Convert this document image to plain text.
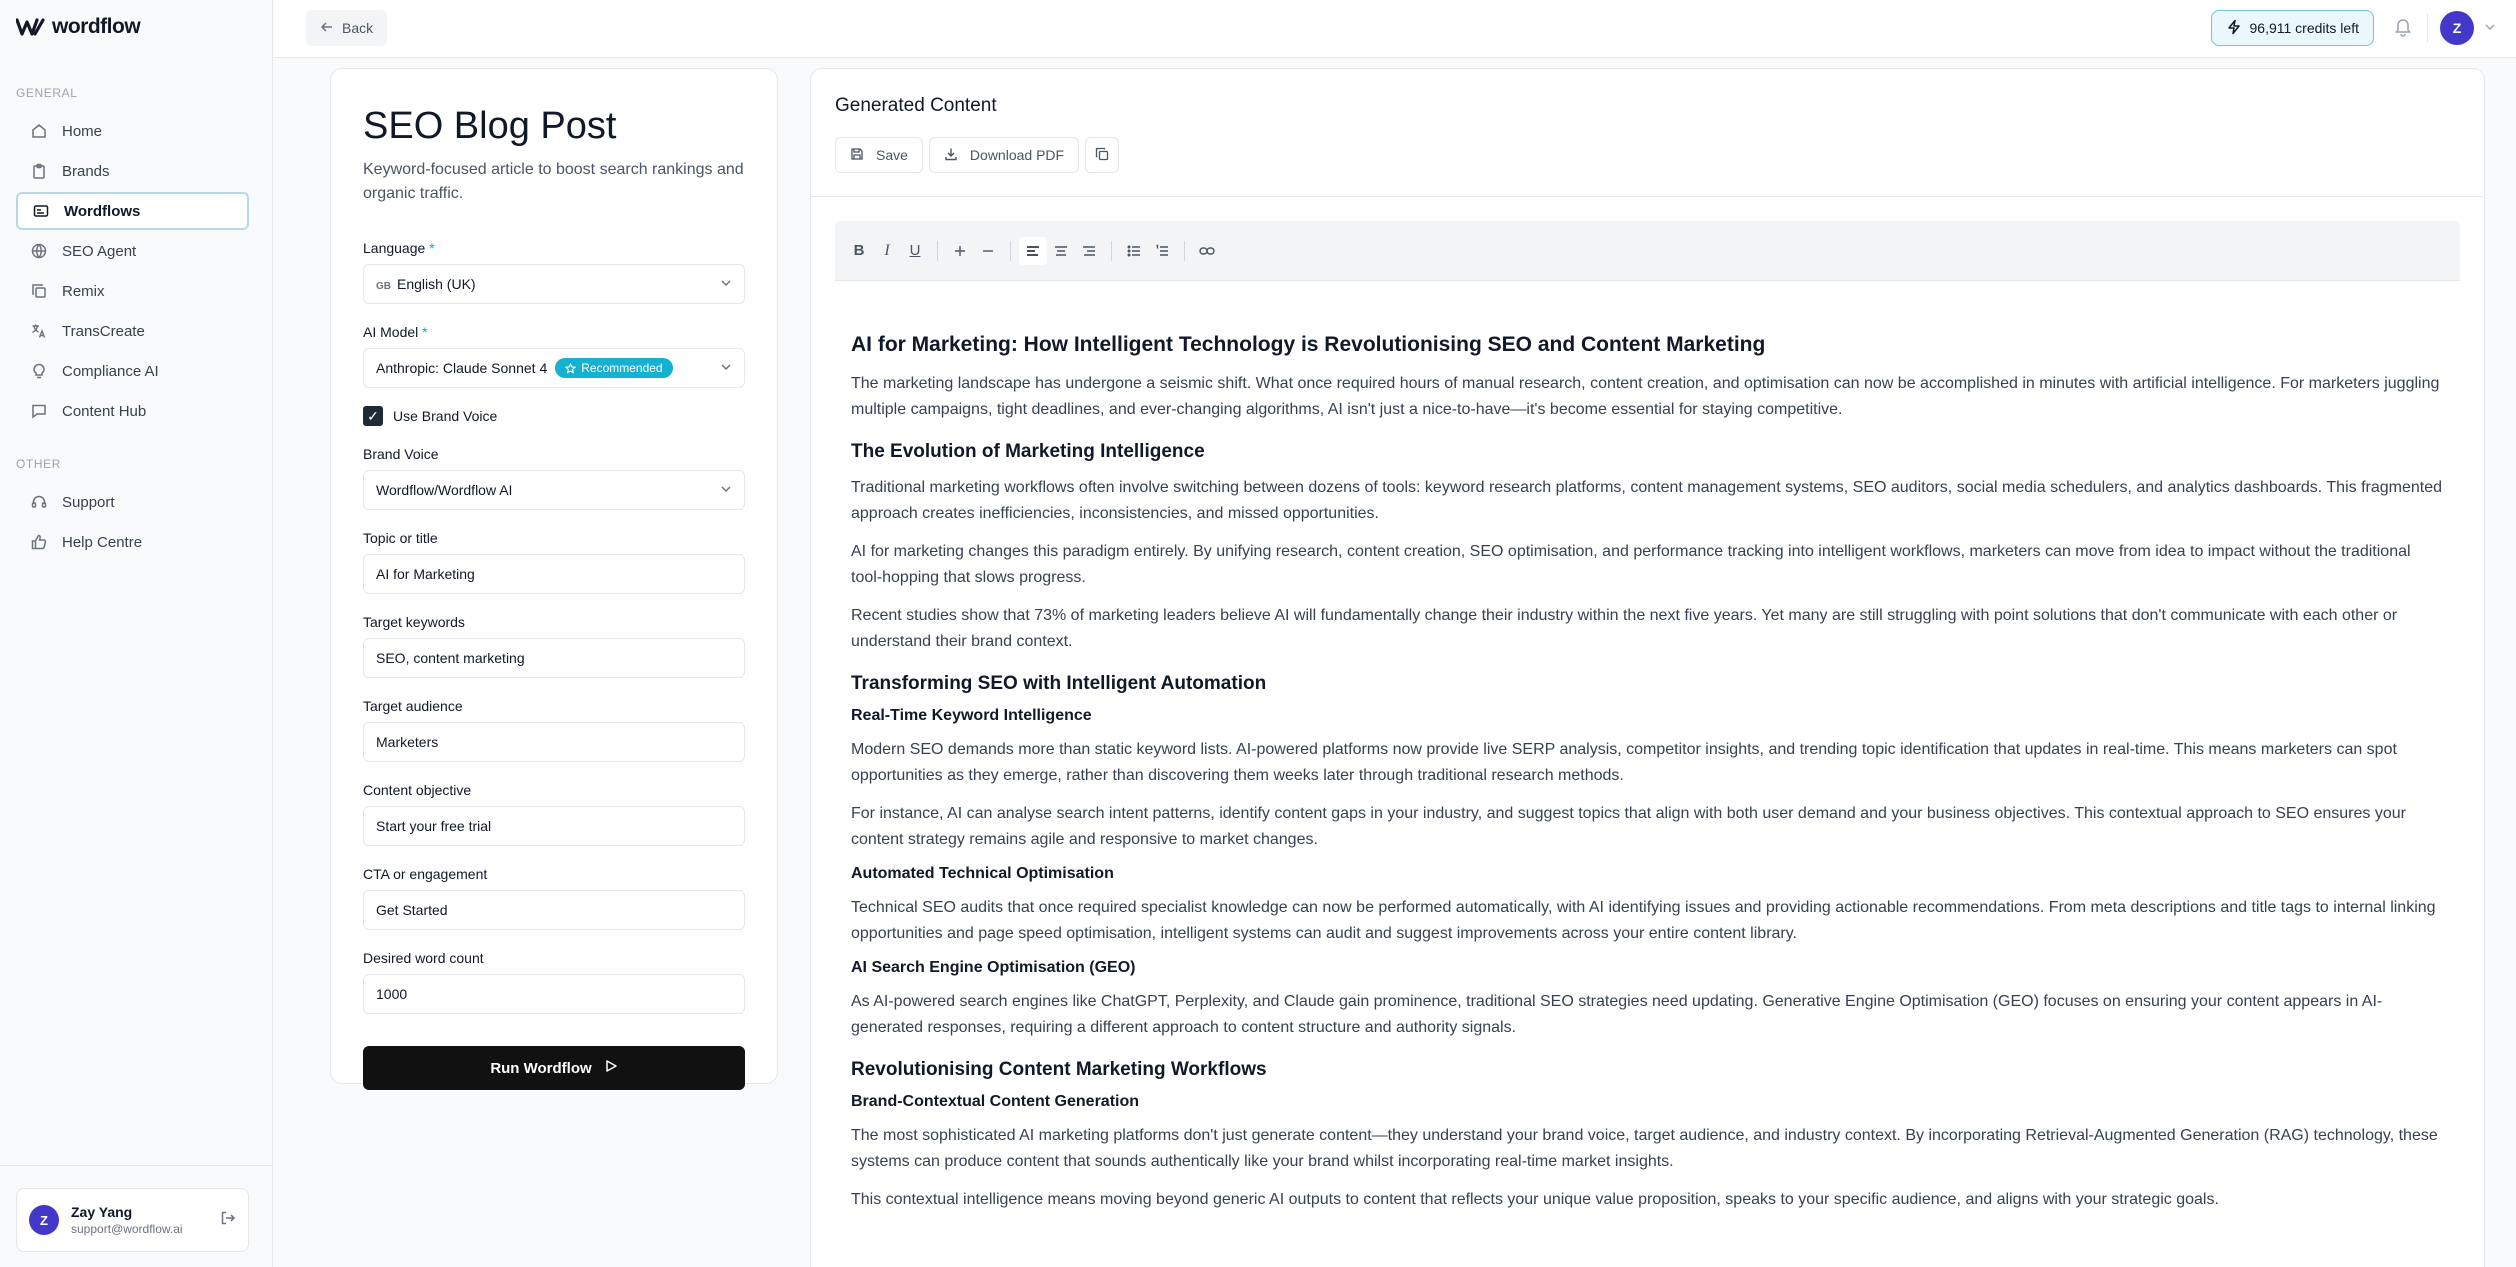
wordflow
GENERAL
Home
Brands
Wordflows
SEO Agent
Remix
TransCreate
Compliance AI
Content Hub
OTHER
Support
Help Centre
Z	Zay Yang
support@wordflow.ai
Back	96,911 credits left	Z
SEO Blog Post

Keyword-focused article to boost search rankings and organic traffic.

Language *
GB English (UK)
AI Model *
Anthropic: Claude Sonnet 4	Recommended
✓ Use Brand Voice
Brand Voice
Wordflow/Wordflow AI
Topic or title
AI for Marketing
Target keywords
SEO, content marketing
Target audience
Marketers
Content objective
Start your free trial
CTA or engagement
Get Started
Desired word count
1000
Run Wordflow
Generated Content
Save	Download PDF
B I U
AI for Marketing: How Intelligent Technology is Revolutionising SEO and Content Marketing

The marketing landscape has undergone a seismic shift. What once required hours of manual research, content creation, and optimisation can now be accomplished in minutes with artificial intelligence. For marketers juggling multiple campaigns, tight deadlines, and ever-changing algorithms, AI isn't just a nice-to-have—it's become essential for staying competitive.

The Evolution of Marketing Intelligence

Traditional marketing workflows often involve switching between dozens of tools: keyword research platforms, content management systems, SEO auditors, social media schedulers, and analytics dashboards. This fragmented approach creates inefficiencies, inconsistencies, and missed opportunities.

AI for marketing changes this paradigm entirely. By unifying research, content creation, SEO optimisation, and performance tracking into intelligent workflows, marketers can move from idea to impact without the traditional tool-hopping that slows progress.

Recent studies show that 73% of marketing leaders believe AI will fundamentally change their industry within the next five years. Yet many are still struggling with point solutions that don't communicate with each other or understand their brand context.

Transforming SEO with Intelligent Automation
Real-Time Keyword Intelligence

Modern SEO demands more than static keyword lists. AI-powered platforms now provide live SERP analysis, competitor insights, and trending topic identification that updates in real-time. This means marketers can spot opportunities as they emerge, rather than discovering them weeks later through traditional research methods.

For instance, AI can analyse search intent patterns, identify content gaps in your industry, and suggest topics that align with both user demand and your business objectives. This contextual approach to SEO ensures your content strategy remains agile and responsive to market changes.

Automated Technical Optimisation

Technical SEO audits that once required specialist knowledge can now be performed automatically, with AI identifying issues and providing actionable recommendations. From meta descriptions and title tags to internal linking opportunities and page speed optimisation, intelligent systems can audit and suggest improvements across your entire content library.

AI Search Engine Optimisation (GEO)

As AI-powered search engines like ChatGPT, Perplexity, and Claude gain prominence, traditional SEO strategies need updating. Generative Engine Optimisation (GEO) focuses on ensuring your content appears in AI-generated responses, requiring a different approach to content structure and authority signals.

Revolutionising Content Marketing Workflows
Brand-Contextual Content Generation

The most sophisticated AI marketing platforms don't just generate content—they understand your brand voice, target audience, and industry context. By incorporating Retrieval-Augmented Generation (RAG) technology, these systems can produce content that sounds authentically like your brand whilst incorporating real-time market insights.

This contextual intelligence means moving beyond generic AI outputs to content that reflects your unique value proposition, speaks to your specific audience, and aligns with your strategic goals.
